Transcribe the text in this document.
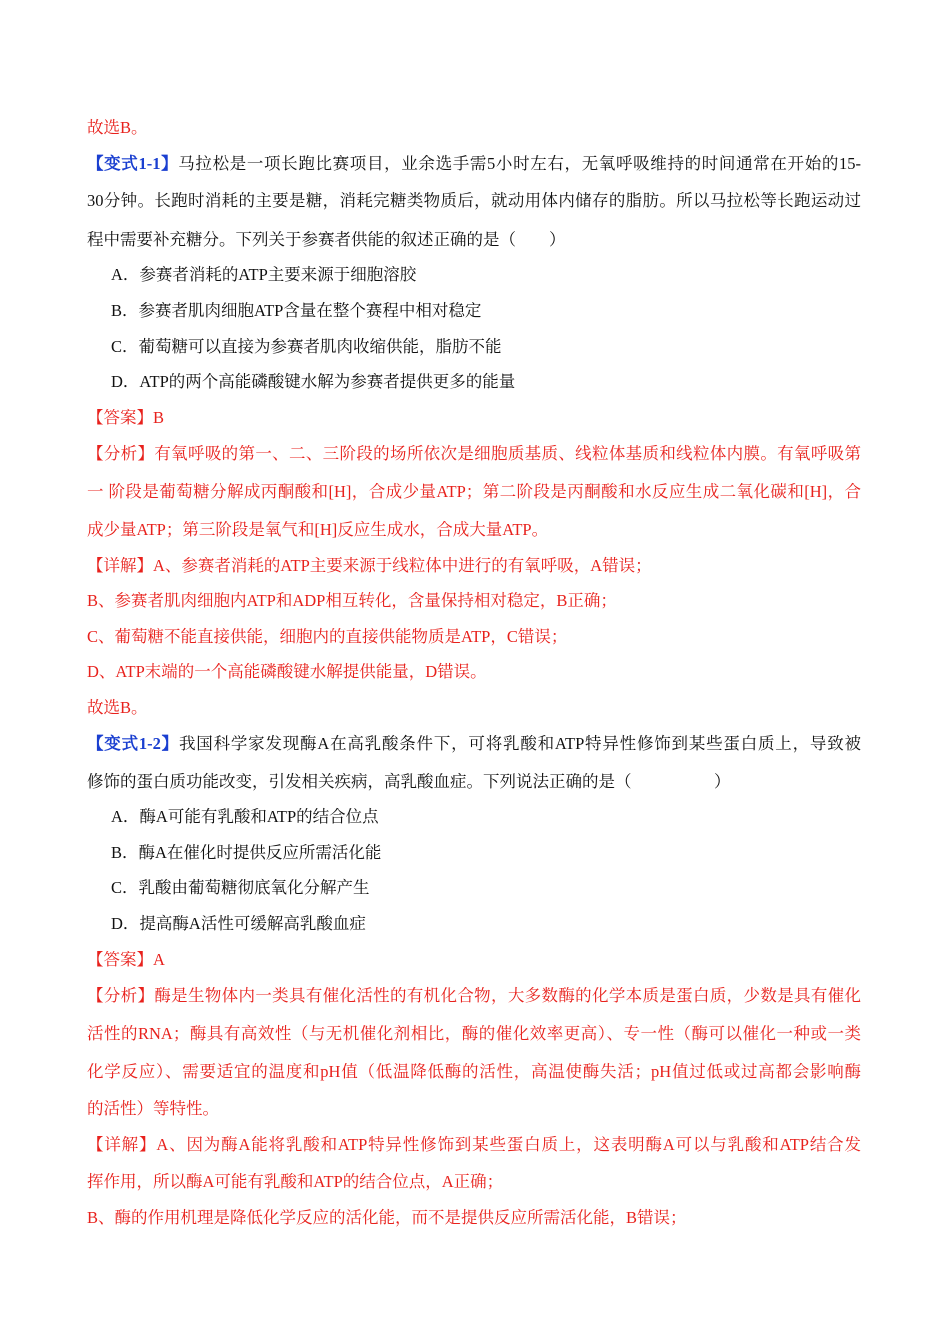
故选B。
【变式1-1】马拉松是一项长跑比赛项目，业余选手需5小时左右，无氧呼吸维持的时间通常在开始的15-
30分钟。长跑时消耗的主要是糖，消耗完糖类物质后，就动用体内储存的脂肪。所以马拉松等长跑运动过
程中需要补充糖分。下列关于参赛者供能的叙述正确的是（　　）
A．参赛者消耗的ATP主要来源于细胞溶胶
B．参赛者肌肉细胞ATP含量在整个赛程中相对稳定
C．葡萄糖可以直接为参赛者肌肉收缩供能，脂肪不能
D．ATP的两个高能磷酸键水解为参赛者提供更多的能量
【答案】B
【分析】有氧呼吸的第一、二、三阶段的场所依次是细胞质基质、线粒体基质和线粒体内膜。有氧呼吸第
一 阶段是葡萄糖分解成丙酮酸和[H]，合成少量ATP；第二阶段是丙酮酸和水反应生成二氧化碳和[H]，合
成少量ATP；第三阶段是氧气和[H]反应生成水，合成大量ATP。
【详解】A、参赛者消耗的ATP主要来源于线粒体中进行的有氧呼吸，A错误；
B、参赛者肌肉细胞内ATP和ADP相互转化，含量保持相对稳定，B正确；
C、葡萄糖不能直接供能，细胞内的直接供能物质是ATP，C错误；
D、ATP末端的一个高能磷酸键水解提供能量，D错误。
故选B。
【变式1-2】我国科学家发现酶A在高乳酸条件下，可将乳酸和ATP特异性修饰到某些蛋白质上，导致被
修饰的蛋白质功能改变，引发相关疾病，高乳酸血症。下列说法正确的是（　　　　　）
A．酶A可能有乳酸和ATP的结合位点
B．酶A在催化时提供反应所需活化能
C．乳酸由葡萄糖彻底氧化分解产生
D．提高酶A活性可缓解高乳酸血症
【答案】A
【分析】酶是生物体内一类具有催化活性的有机化合物，大多数酶的化学本质是蛋白质，少数是具有催化
活性的RNA；酶具有高效性（与无机催化剂相比，酶的催化效率更高）、专一性（酶可以催化一种或一类
化学反应）、需要适宜的温度和pH值（低温降低酶的活性，高温使酶失活；pH值过低或过高都会影响酶
的活性）等特性。
【详解】A、因为酶A能将乳酸和ATP特异性修饰到某些蛋白质上，这表明酶A可以与乳酸和ATP结合发
挥作用，所以酶A可能有乳酸和ATP的结合位点，A正确；
B、酶的作用机理是降低化学反应的活化能，而不是提供反应所需活化能，B错误；
